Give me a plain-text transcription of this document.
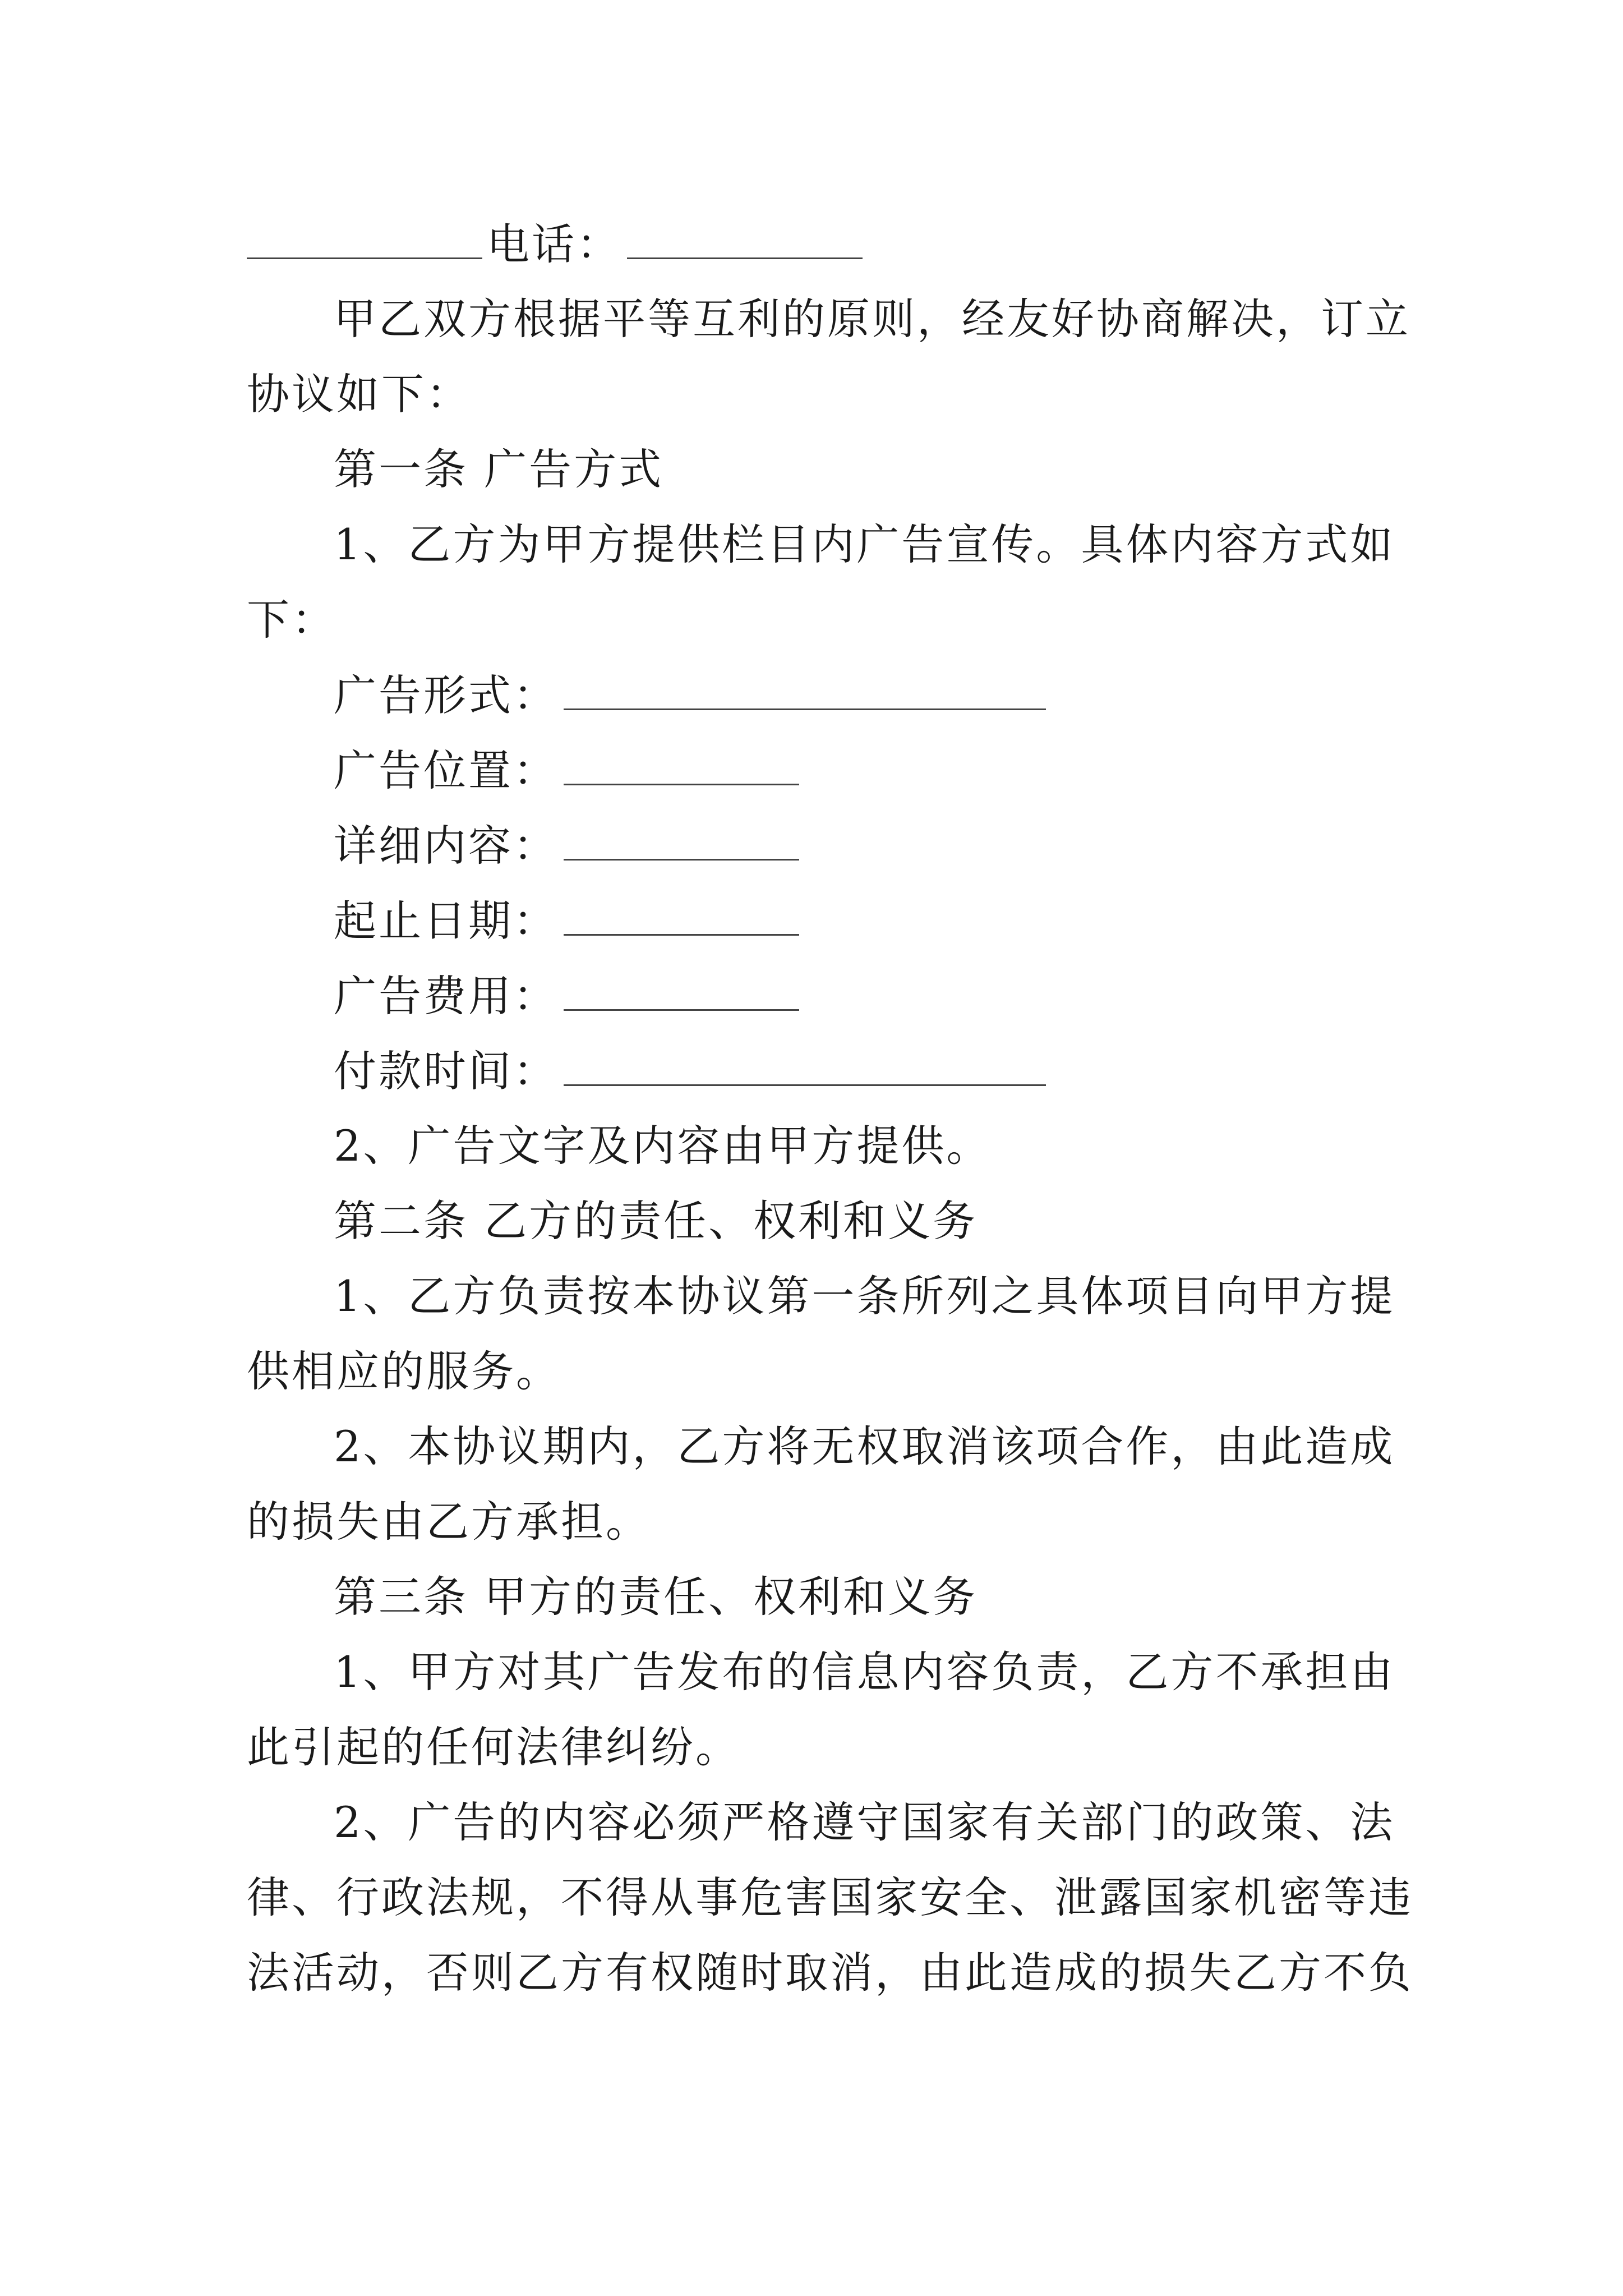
电话：
甲乙双方根据平等互利的原则，经友好协商解决，订立
协议如下：
第一条 广告方式
1、乙方为甲方提供栏目内广告宣传。具体内容方式如
下：
广告形式：
广告位置：
详细内容：
起止日期：
广告费用：
付款时间：
2、广告文字及内容由甲方提供。
第二条 乙方的责任、权利和义务
1、乙方负责按本协议第一条所列之具体项目向甲方提
供相应的服务。
2、本协议期内，乙方将无权取消该项合作，由此造成
的损失由乙方承担。
第三条 甲方的责任、权利和义务
1、甲方对其广告发布的信息内容负责，乙方不承担由
此引起的任何法律纠纷。
2、广告的内容必须严格遵守国家有关部门的政策、法
律、行政法规，不得从事危害国家安全、泄露国家机密等违
法活动，否则乙方有权随时取消，由此造成的损失乙方不负
